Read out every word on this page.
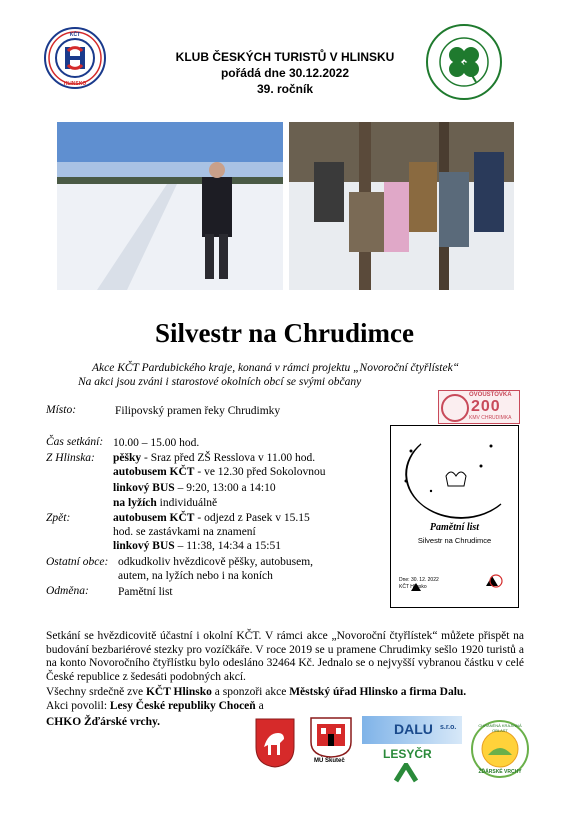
KČT
HLINSKO
KLUB ČESKÝCH TURISTŮ V HLINSKU
pořádá dne 30.12.2022
39. ročník
Silvestr na Chrudimce
Akce KČT Pardubického kraje, konaná v rámci projektu „Novoroční čtyřlístek“
Na akci jsou zváni i starostové okolních obcí se svými občany
OVOUSTOVKA
200
KMV CHRUDIMKA
Místo:	Filipovský pramen řeky Chrudimky
Čas setkání: 10.00 – 15.00 hod.
Z Hlinska: pěšky - Sraz před ZŠ Resslova v 11.00 hod.
autobusem KČT - ve 12.30 před Sokolovnou
linkový BUS – 9:20, 13:00 a 14:10
na lyžích individuálně
Zpět:	autobusem KČT - odjezd z Pasek v 15.15
hod. se zastávkami na znamení
linkový BUS – 11:38, 14:34 a 15:51
Ostatní obce: odkudkoliv hvězdicově pěšky, autobusem,
autem, na lyžích nebo i na koních
Odměna:	Pamětní list
Pamětní list
Silvestr na Chrudimce
Dne: 30. 12. 2022
KČT Hlinsko
Setkání se hvězdicovitě účastní i okolní KČT. V rámci akce „Novoroční čtyřlístek“ můžete přispět na budování bezbariérové stezky pro vozíčkáře. V roce 2019 se u pramene Chrudimky sešlo 1920 turistů a na konto Novoročního čtyřlístku bylo odesláno 32464 Kč. Jednalo se o nejvyšší vybranou částku v celé České republice z šedesáti podobných akcí.
Všechny srdečně zve KČT Hlinsko a sponzoři akce Městský úřad Hlinsko a firma Dalu.
Akci povolil: Lesy České republiky Choceň a
CHKO Žďárské vrchy.
MÚ Skuteč
DALU s.r.o.
LESYČR
CHRÁNĚNÁ KRAJINNÁ OBLAST
ŽĎÁRSKÉ VRCHY
